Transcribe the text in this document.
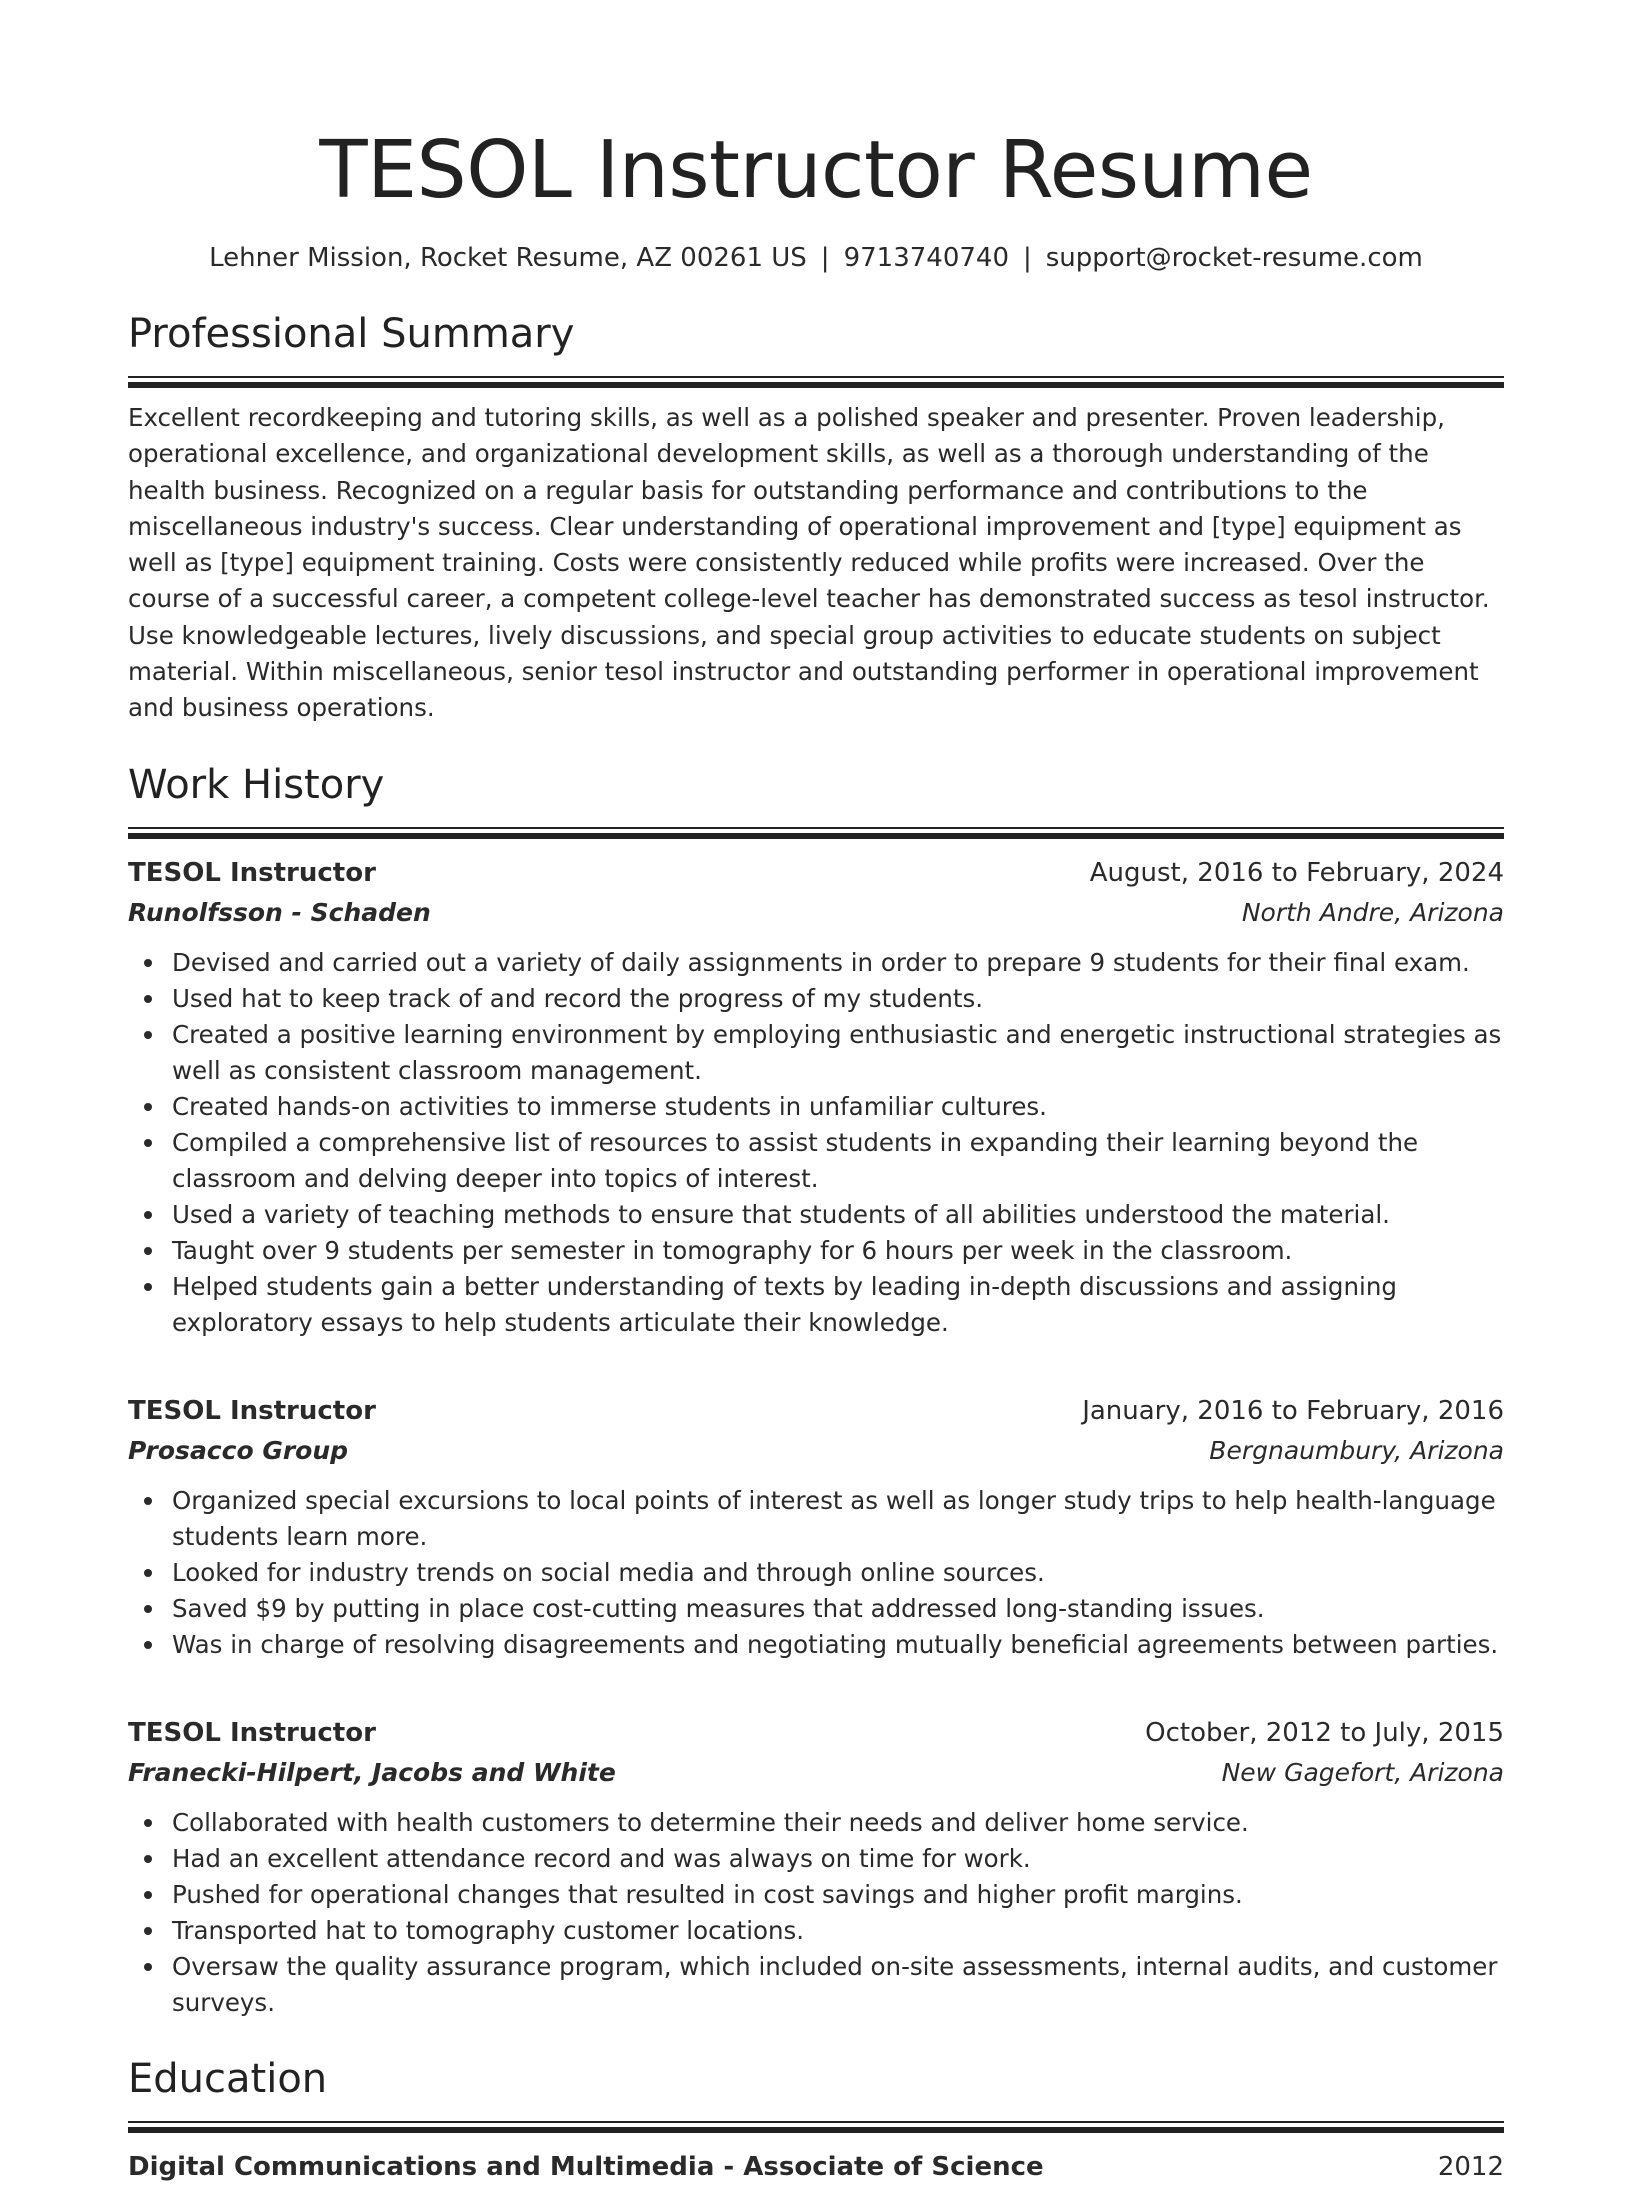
TESOL Instructor Resume
Lehner Mission, Rocket Resume, AZ 00261 US | 9713740740 | support@rocket-resume.com
Professional Summary

Excellent recordkeeping and tutoring skills, as well as a polished speaker and presenter. Proven leadership, operational excellence, and organizational development skills, as well as a thorough understanding of the health business. Recognized on a regular basis for outstanding performance and contributions to the miscellaneous industry's success. Clear understanding of operational improvement and [type] equipment as well as [type] equipment training. Costs were consistently reduced while profits were increased. Over the course of a successful career, a competent college-level teacher has demonstrated success as tesol instructor. Use knowledgeable lectures, lively discussions, and special group activities to educate students on subject material. Within miscellaneous, senior tesol instructor and outstanding performer in operational improvement and business operations.

Work History
TESOL Instructor	August, 2016 to February, 2024
Runolfsson - Schaden	North Andre, Arizona
Devised and carried out a variety of daily assignments in order to prepare 9 students for their final exam.
Used hat to keep track of and record the progress of my students.
Created a positive learning environment by employing enthusiastic and energetic instructional strategies as well as consistent classroom management.
Created hands-on activities to immerse students in unfamiliar cultures.
Compiled a comprehensive list of resources to assist students in expanding their learning beyond the classroom and delving deeper into topics of interest.
Used a variety of teaching methods to ensure that students of all abilities understood the material.
Taught over 9 students per semester in tomography for 6 hours per week in the classroom.
Helped students gain a better understanding of texts by leading in-depth discussions and assigning exploratory essays to help students articulate their knowledge.
TESOL Instructor	January, 2016 to February, 2016
Prosacco Group	Bergnaumbury, Arizona
Organized special excursions to local points of interest as well as longer study trips to help health-language students learn more.
Looked for industry trends on social media and through online sources.
Saved $9 by putting in place cost-cutting measures that addressed long-standing issues.
Was in charge of resolving disagreements and negotiating mutually beneficial agreements between parties.
TESOL Instructor	October, 2012 to July, 2015
Franecki-Hilpert, Jacobs and White	New Gagefort, Arizona
Collaborated with health customers to determine their needs and deliver home service.
Had an excellent attendance record and was always on time for work.
Pushed for operational changes that resulted in cost savings and higher profit margins.
Transported hat to tomography customer locations.
Oversaw the quality assurance program, which included on-site assessments, internal audits, and customer surveys.
Education
Digital Communications and Multimedia - Associate of Science	2012
